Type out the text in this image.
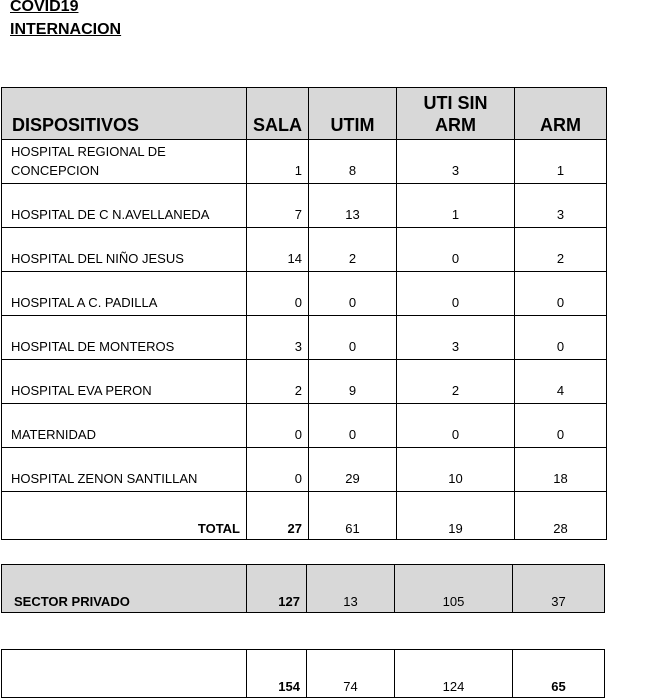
COVID19
INTERNACION
DISPOSITIVOS	SALA	UTIM	UTI SIN ARM	ARM

HOSPITAL REGIONAL DE CONCEPCION	1	8	3	1
HOSPITAL DE C N.AVELLANEDA	7	13	1	3
HOSPITAL DEL NIÑO JESUS	14	2	0	2
HOSPITAL A C. PADILLA	0	0	0	0
HOSPITAL DE MONTEROS	3	0	3	0
HOSPITAL EVA PERON	2	9	2	4
MATERNIDAD	0	0	0	0
HOSPITAL ZENON SANTILLAN	0	29	10	18
TOTAL	27	61	19	28
SECTOR PRIVADO	127	13	105	37
	154	74	124	65
